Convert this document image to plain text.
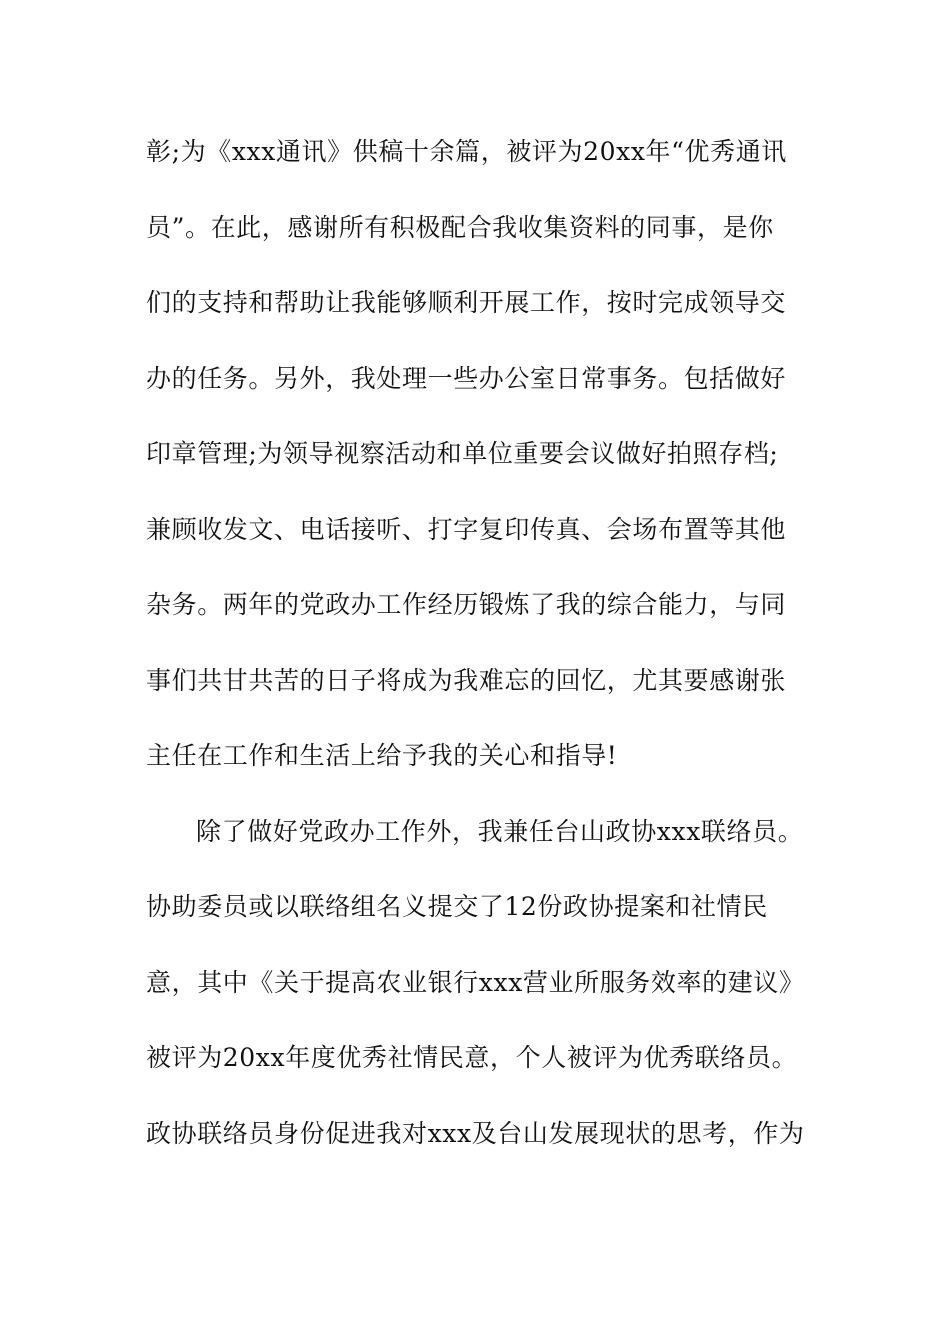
彰;为《xxx通讯》供稿十余篇，被评为20xx年“优秀通讯
员”。在此，感谢所有积极配合我收集资料的同事，是你
们的支持和帮助让我能够顺利开展工作，按时完成领导交
办的任务。另外，我处理一些办公室日常事务。包括做好
印章管理;为领导视察活动和单位重要会议做好拍照存档;
兼顾收发文、电话接听、打字复印传真、会场布置等其他
杂务。两年的党政办工作经历锻炼了我的综合能力，与同
事们共甘共苦的日子将成为我难忘的回忆，尤其要感谢张
主任在工作和生活上给予我的关心和指导!
除了做好党政办工作外，我兼任台山政协xxx联络员。
协助委员或以联络组名义提交了12份政协提案和社情民
意，其中《关于提高农业银行xxx营业所服务效率的建议》
被评为20xx年度优秀社情民意，个人被评为优秀联络员。
政协联络员身份促进我对xxx及台山发展现状的思考，作为
